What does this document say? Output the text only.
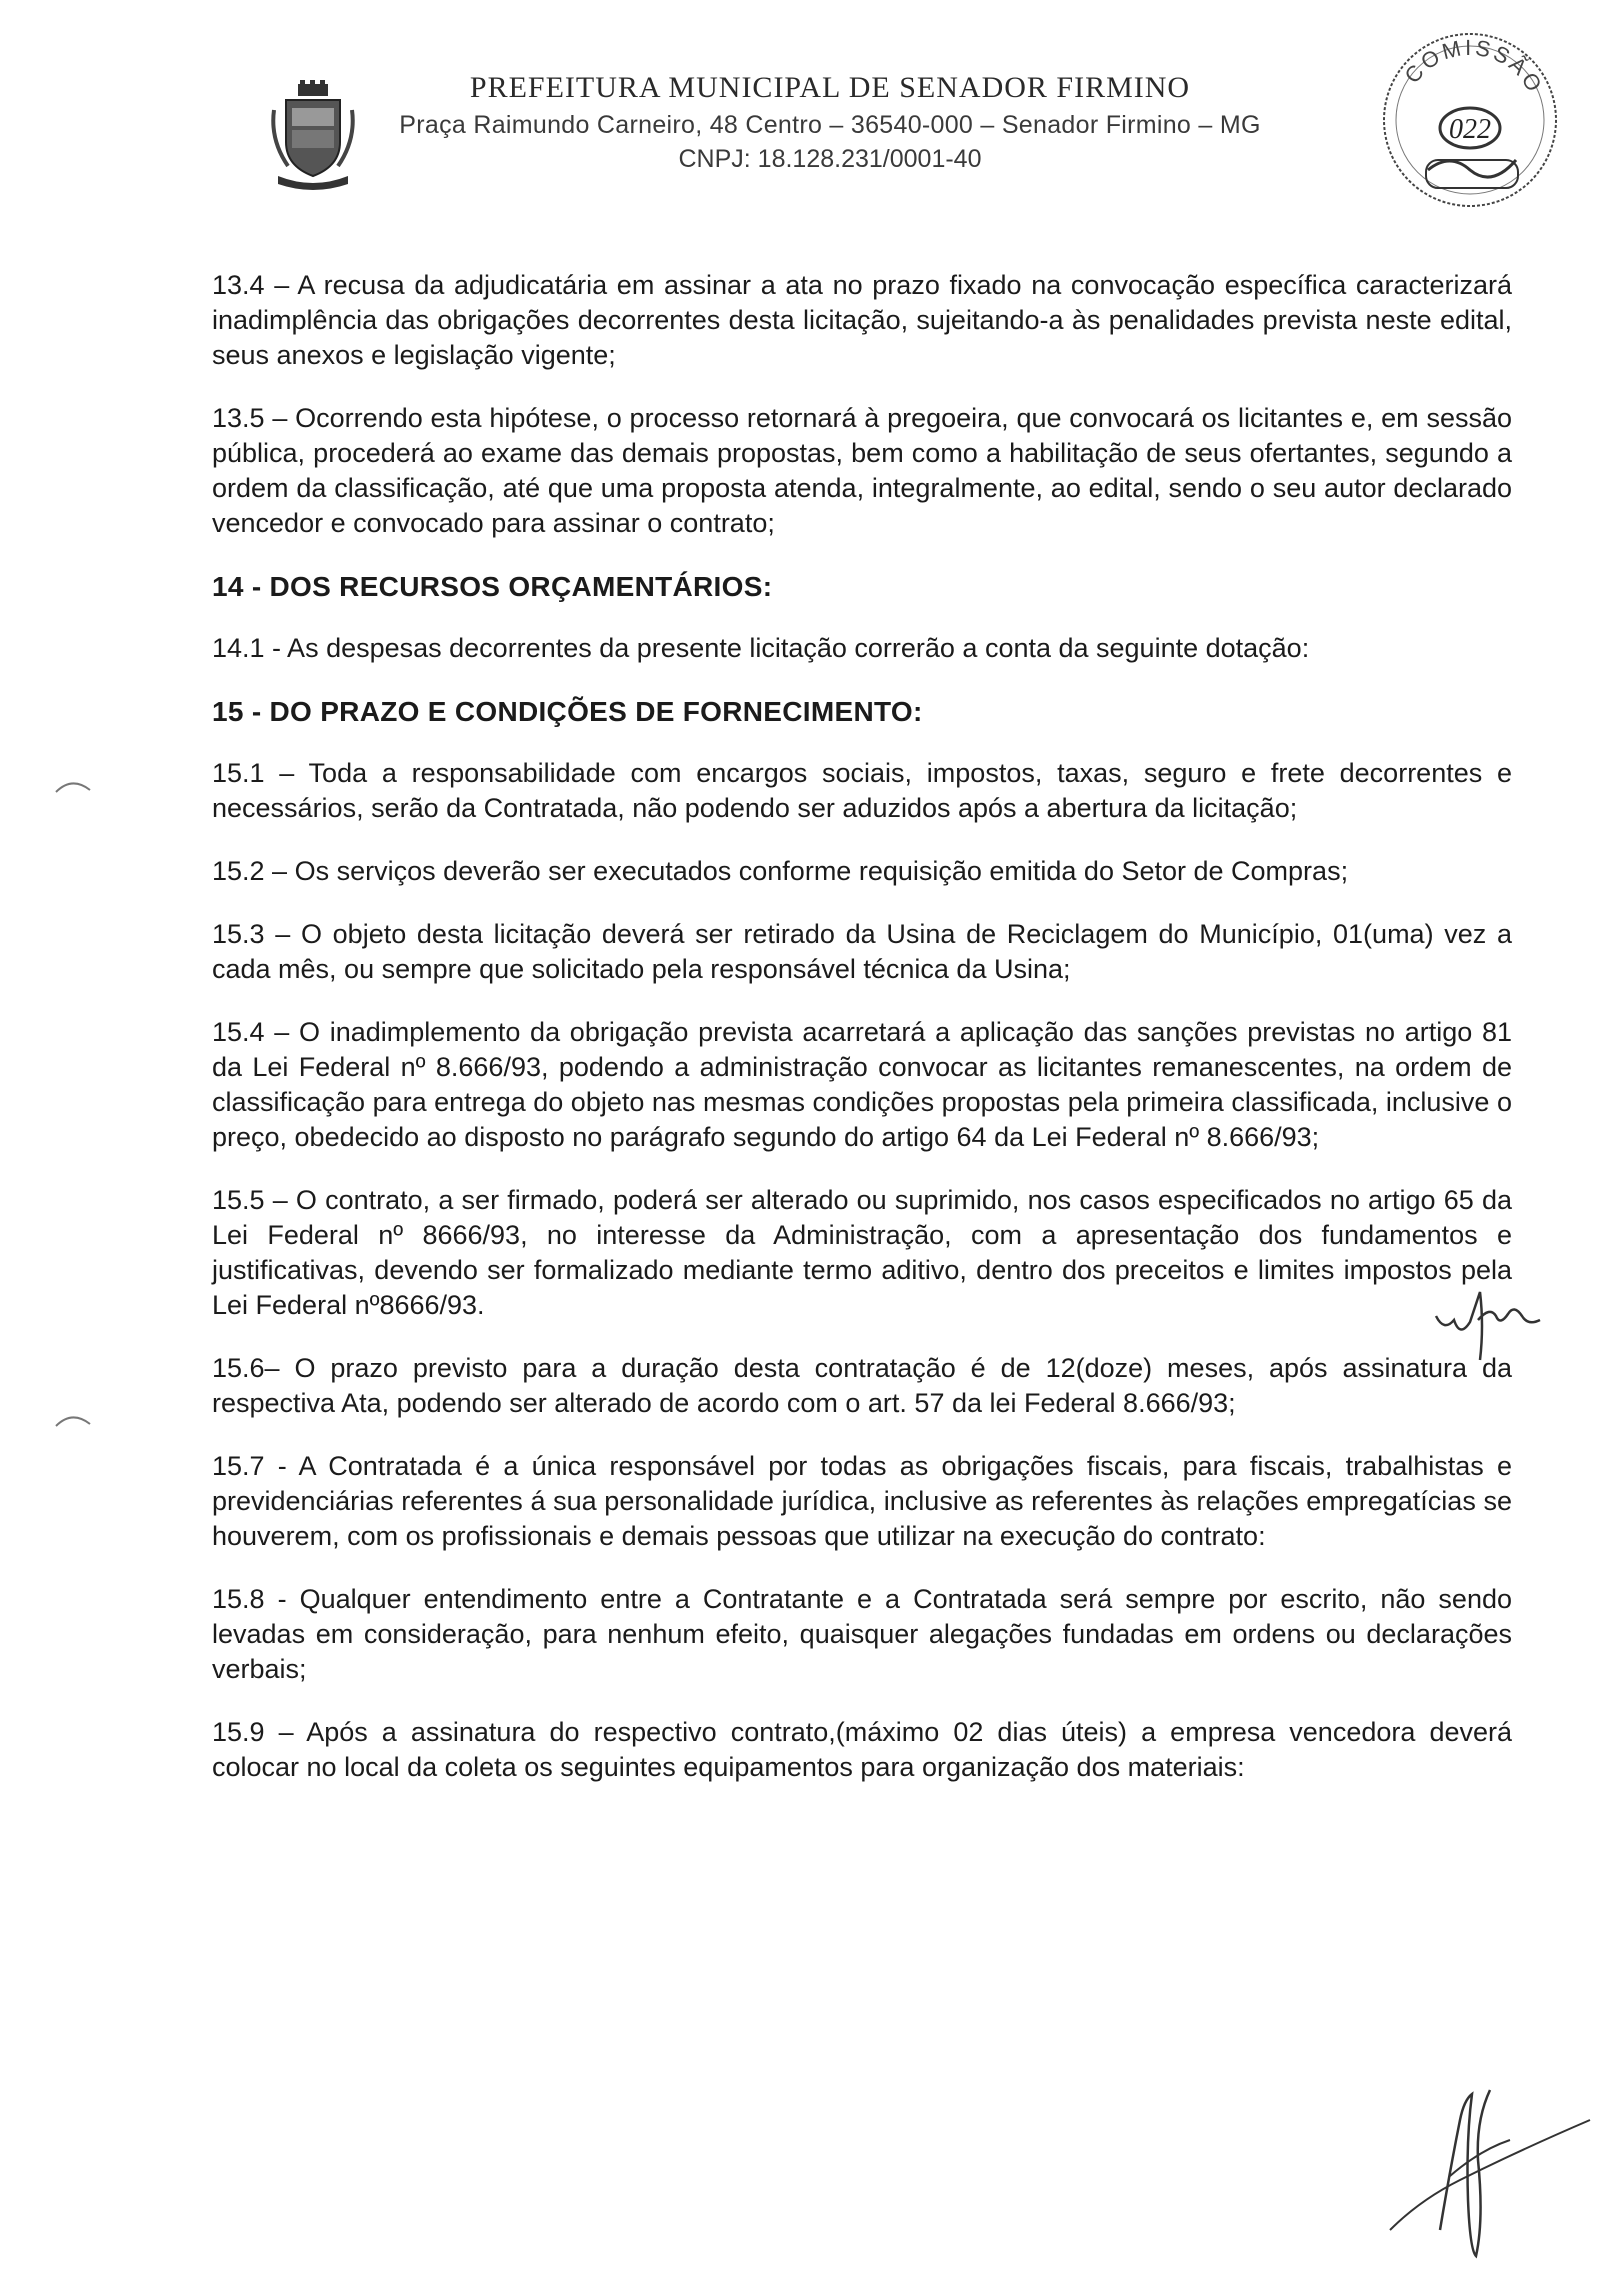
PREFEITURA MUNICIPAL DE SENADOR FIRMINO

Praça Raimundo Carneiro, 48 Centro – 36540-000 – Senador Firmino – MG

CNPJ: 18.128.231/0001-40

COMISSÃO
022

13.4 – A recusa da adjudicatária em assinar a ata no prazo fixado na convocação específica caracterizará inadimplência das obrigações decorrentes desta licitação, sujeitando-a às penalidades prevista neste edital, seus anexos e legislação vigente;

13.5 – Ocorrendo esta hipótese, o processo retornará à pregoeira, que convocará os licitantes e, em sessão pública, procederá ao exame das demais propostas, bem como a habilitação de seus ofertantes, segundo a ordem da classificação, até que uma proposta atenda, integralmente, ao edital, sendo o seu autor declarado vencedor e convocado para assinar o contrato;

14 - DOS RECURSOS ORÇAMENTÁRIOS:

14.1 - As despesas decorrentes da presente licitação correrão a conta da seguinte dotação:

15 - DO PRAZO E CONDIÇÕES DE FORNECIMENTO:

15.1 – Toda a responsabilidade com encargos sociais, impostos, taxas, seguro e frete decorrentes e necessários, serão da Contratada, não podendo ser aduzidos após a abertura da licitação;

15.2 – Os serviços deverão ser executados conforme requisição emitida do Setor de Compras;

15.3 – O objeto desta licitação deverá ser retirado da Usina de Reciclagem do Município, 01(uma) vez a cada mês, ou sempre que solicitado pela responsável técnica da Usina;

15.4 – O inadimplemento da obrigação prevista acarretará a aplicação das sanções previstas no artigo 81 da Lei Federal nº 8.666/93, podendo a administração convocar as licitantes remanescentes, na ordem de classificação para entrega do objeto nas mesmas condições propostas pela primeira classificada, inclusive o preço, obedecido ao disposto no parágrafo segundo do artigo 64 da Lei Federal nº 8.666/93;

15.5 – O contrato, a ser firmado, poderá ser alterado ou suprimido, nos casos especificados no artigo 65 da Lei Federal nº 8666/93, no interesse da Administração, com a apresentação dos fundamentos e justificativas, devendo ser formalizado mediante termo aditivo, dentro dos preceitos e limites impostos pela Lei Federal nº8666/93.

15.6– O prazo previsto para a duração desta contratação é de 12(doze) meses, após assinatura da respectiva Ata, podendo ser alterado de acordo com o art. 57 da lei Federal 8.666/93;

15.7 - A Contratada é a única responsável por todas as obrigações fiscais, para fiscais, trabalhistas e previdenciárias referentes á sua personalidade jurídica, inclusive as referentes às relações empregatícias se houverem, com os profissionais e demais pessoas que utilizar na execução do contrato:

15.8 - Qualquer entendimento entre a Contratante e a Contratada será sempre por escrito, não sendo levadas em consideração, para nenhum efeito, quaisquer alegações fundadas em ordens ou declarações verbais;

15.9 – Após a assinatura do respectivo contrato,(máximo 02 dias úteis) a empresa vencedora deverá colocar no local da coleta os seguintes equipamentos para organização dos materiais:
